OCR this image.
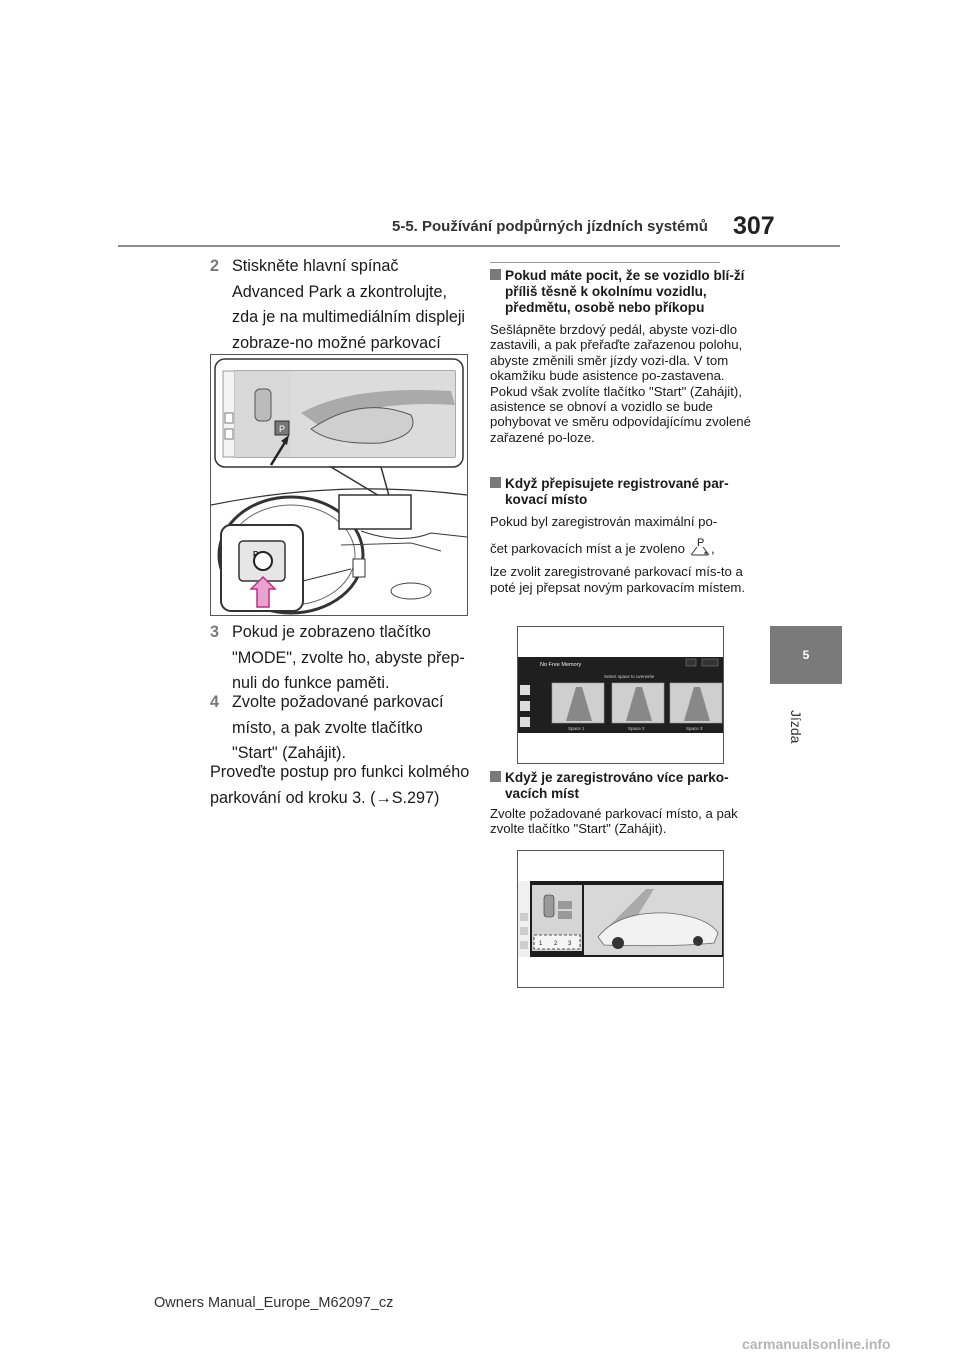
5-5. Používání podpůrných jízdních systémů 307
5
Jízda
2 Stiskněte hlavní spínač Advanced Park a zkontrolujte, zda je na multimediálním displeji zobraze-no možné parkovací
P
P
3 Pokud je zobrazeno tlačítko "MODE", zvolte ho, abyste přep-nuli do funkce paměti.
4 Zvolte požadované parkovací místo, a pak zvolte tlačítko "Start" (Zahájit).
Proveďte postup pro funkci kolmého parkování od kroku 3. (→S.297)
Pokud máte pocit, že se vozidlo blí-ží příliš těsně k okolnímu vozidlu, předmětu, osobě nebo příkopu
Sešlápněte brzdový pedál, abyste vozi-dlo zastavili, a pak přeřaďte zařazenou polohu, abyste změnili směr jízdy vozi-dla. V tom okamžiku bude asistence po-zastavena. Pokud však zvolíte tlačítko "Start" (Zahájit), asistence se obnoví a vozidlo se bude pohybovat ve směru odpovídajícímu zvolené zařazené po-loze.
Když přepisujete registrované par-kovací místo
Pokud byl zaregistrován maximální po-
čet parkovacích míst a je zvoleno P ,
lze zvolit zaregistrované parkovací mís-to a poté jej přepsat novým parkovacím místem.
No Free Memory
Select space to overwrite
Space 1	Space 2	Space 3
Když je zaregistrováno více parko-vacích míst
Zvolte požadované parkovací místo, a pak zvolte tlačítko "Start" (Zahájit).
1 2 3
Owners Manual_Europe_M62097_cz
carmanualsonline.info
